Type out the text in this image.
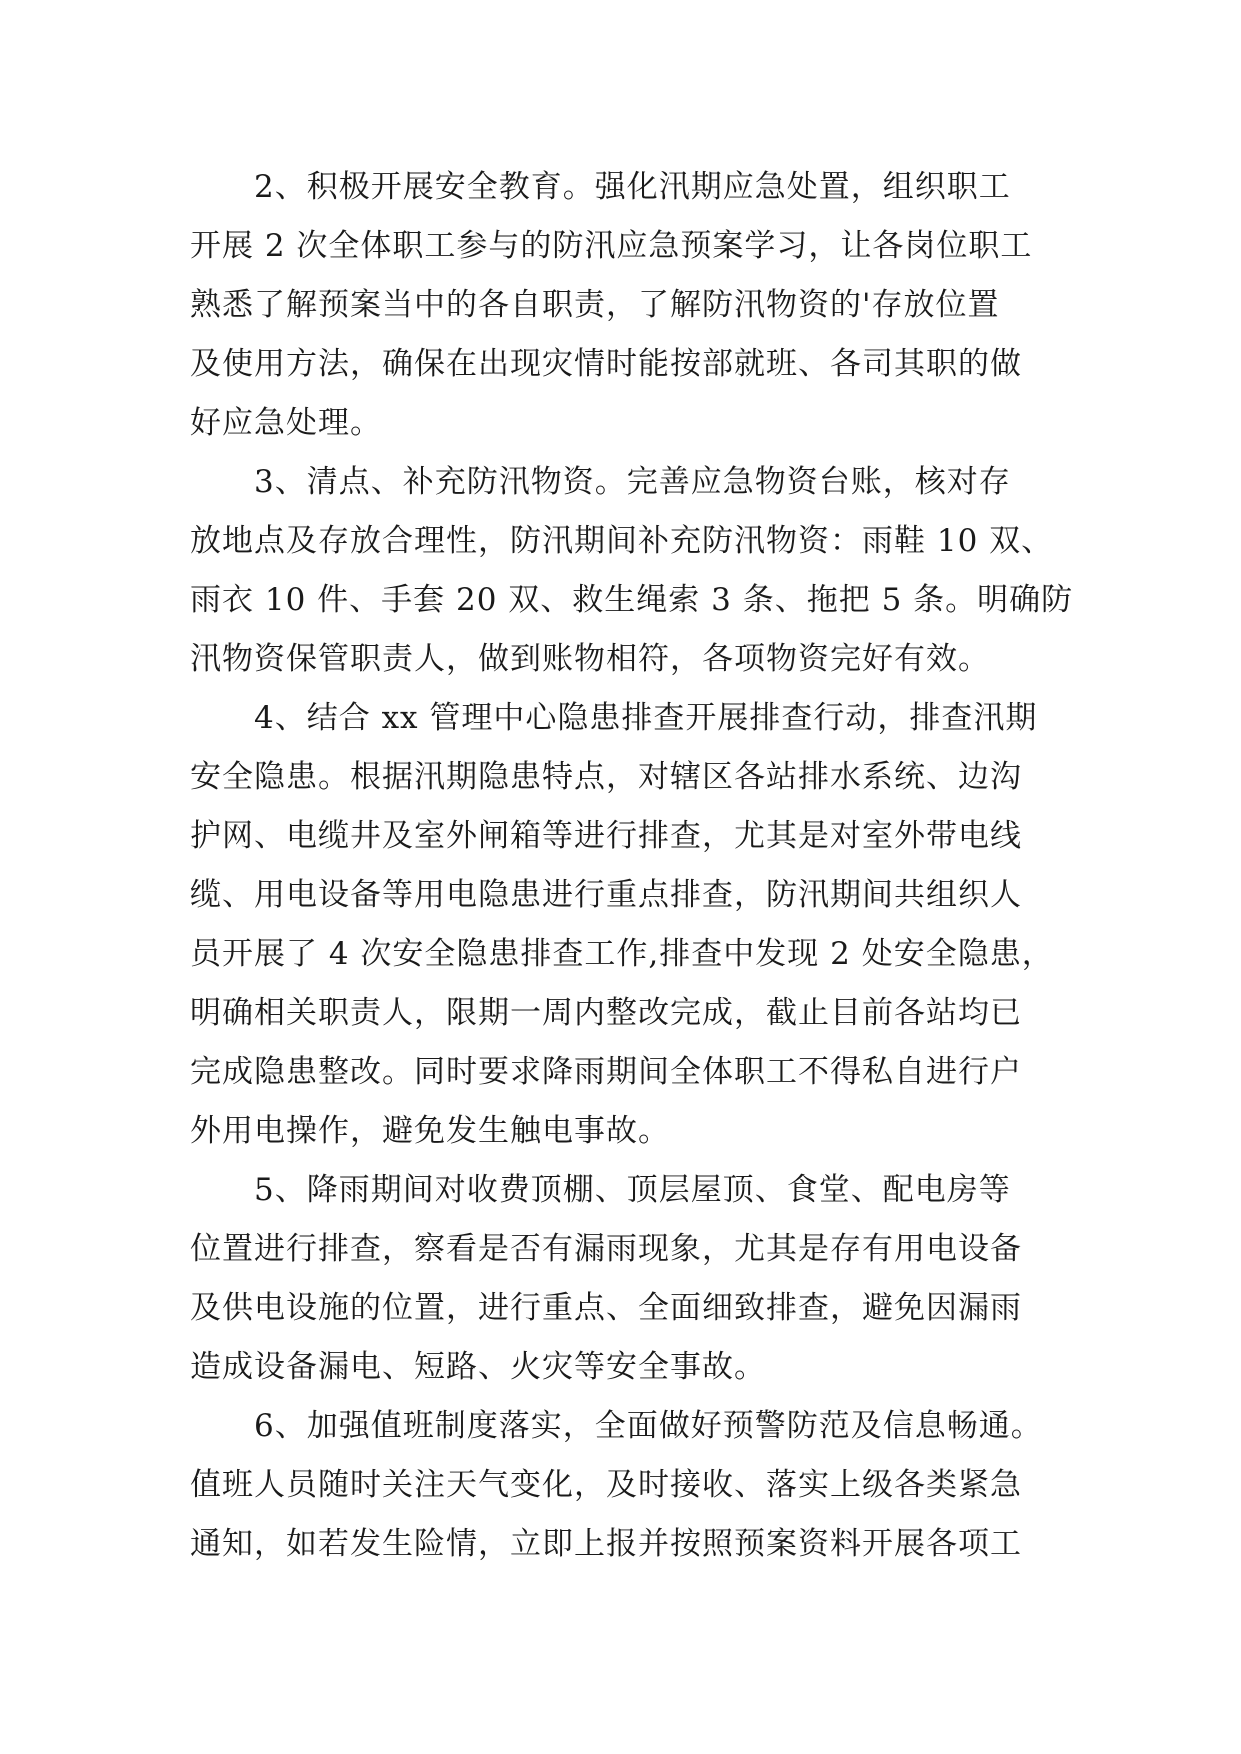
　　2、积极开展安全教育。强化汛期应急处置，组织职工
开展 2 次全体职工参与的防汛应急预案学习，让各岗位职工
熟悉了解预案当中的各自职责，了解防汛物资的'存放位置
及使用方法，确保在出现灾情时能按部就班、各司其职的做
好应急处理。
　　3、清点、补充防汛物资。完善应急物资台账，核对存
放地点及存放合理性，防汛期间补充防汛物资：雨鞋 10 双、
雨衣 10 件、手套 20 双、救生绳索 3 条、拖把 5 条。明确防
汛物资保管职责人，做到账物相符，各项物资完好有效。
　　4、结合 xx 管理中心隐患排查开展排查行动，排查汛期
安全隐患。根据汛期隐患特点，对辖区各站排水系统、边沟
护网、电缆井及室外闸箱等进行排查，尤其是对室外带电线
缆、用电设备等用电隐患进行重点排查，防汛期间共组织人
员开展了 4 次安全隐患排查工作,排查中发现 2 处安全隐患，
明确相关职责人，限期一周内整改完成，截止目前各站均已
完成隐患整改。同时要求降雨期间全体职工不得私自进行户
外用电操作，避免发生触电事故。
　　5、降雨期间对收费顶棚、顶层屋顶、食堂、配电房等
位置进行排查，察看是否有漏雨现象，尤其是存有用电设备
及供电设施的位置，进行重点、全面细致排查，避免因漏雨
造成设备漏电、短路、火灾等安全事故。
　　6、加强值班制度落实，全面做好预警防范及信息畅通。
值班人员随时关注天气变化，及时接收、落实上级各类紧急
通知，如若发生险情，立即上报并按照预案资料开展各项工
